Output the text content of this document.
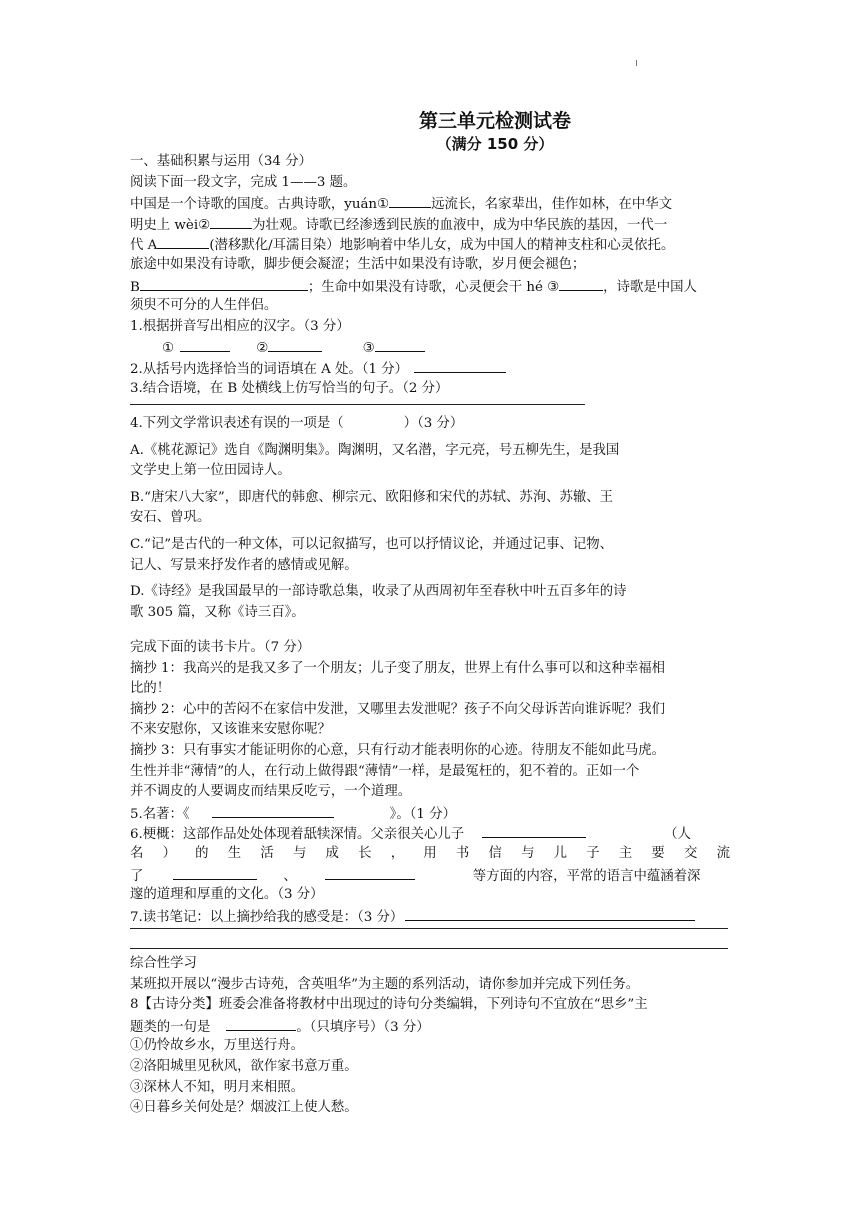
第三单元检测试卷
（满分 150 分）
一、基础积累与运用（34 分）
阅读下面一段文字，完成 1——3 题。
中国是一个诗歌的国度。古典诗歌，yuán①	远流长，名家辈出，佳作如林，在中华文
明史上 wèi②	为壮观。诗歌已经渗透到民族的血液中，成为中华民族的基因，一代一
代 A	(潜移默化/耳濡目染）地影响着中华儿女，成为中国人的精神支柱和心灵依托。
旅途中如果没有诗歌，脚步便会凝涩；生活中如果没有诗歌，岁月便会褪色；
B	；生命中如果没有诗歌，心灵便会干 hé ③	，诗歌是中国人
须臾不可分的人生伴侣。
1.根据拼音写出相应的汉字。（3 分）
①	②	③
2.从括号内选择恰当的词语填在 A 处。（1 分）
3.结合语境，在 B 处横线上仿写恰当的句子。（2 分）
4.下列文学常识表述有误的一项是（	）（3 分）
A.《桃花源记》选自《陶渊明集》。陶渊明，又名潜，字元亮，号五柳先生，是我国
文学史上第一位田园诗人。
B.“唐宋八大家”，即唐代的韩愈、柳宗元、欧阳修和宋代的苏轼、苏洵、苏辙、王
安石、曾巩。
C.“记”是古代的一种文体，可以记叙描写，也可以抒情议论，并通过记事、记物、
记人、写景来抒发作者的感情或见解。
D.《诗经》是我国最早的一部诗歌总集，收录了从西周初年至春秋中叶五百多年的诗
歌 305 篇，又称《诗三百》。
完成下面的读书卡片。（7 分）
摘抄 1：我高兴的是我又多了一个朋友；儿子变了朋友，世界上有什么事可以和这种幸福相
比的！
摘抄 2：心中的苦闷不在家信中发泄，又哪里去发泄呢？孩子不向父母诉苦向谁诉呢？我们
不来安慰你，又该谁来安慰你呢？
摘抄 3：只有事实才能证明你的心意，只有行动才能表明你的心迹。待朋友不能如此马虎。
生性并非“薄情”的人，在行动上做得跟“薄情”一样，是最冤枉的，犯不着的。正如一个
并不调皮的人要调皮而结果反吃亏，一个道理。
5.名著：《	》。（1 分）
6.梗概：这部作品处处体现着舐犊深情。父亲很关心儿子	（人
名）的生活与成长，用书信与儿子主要交流
了	、	等方面的内容，平常的语言中蕴涵着深
邃的道理和厚重的文化。（3 分）
7.读书笔记：以上摘抄给我的感受是：（3 分）
综合性学习
某班拟开展以“漫步古诗苑，含英咀华”为主题的系列活动，请你参加并完成下列任务。
8【古诗分类】班委会准备将教材中出现过的诗句分类编辑，下列诗句不宜放在“思乡”主
题类的一句是	。（只填序号）（3 分）
①仍怜故乡水，万里送行舟。
②洛阳城里见秋风，欲作家书意万重。
③深林人不知，明月来相照。
④日暮乡关何处是？烟波江上使人愁。
